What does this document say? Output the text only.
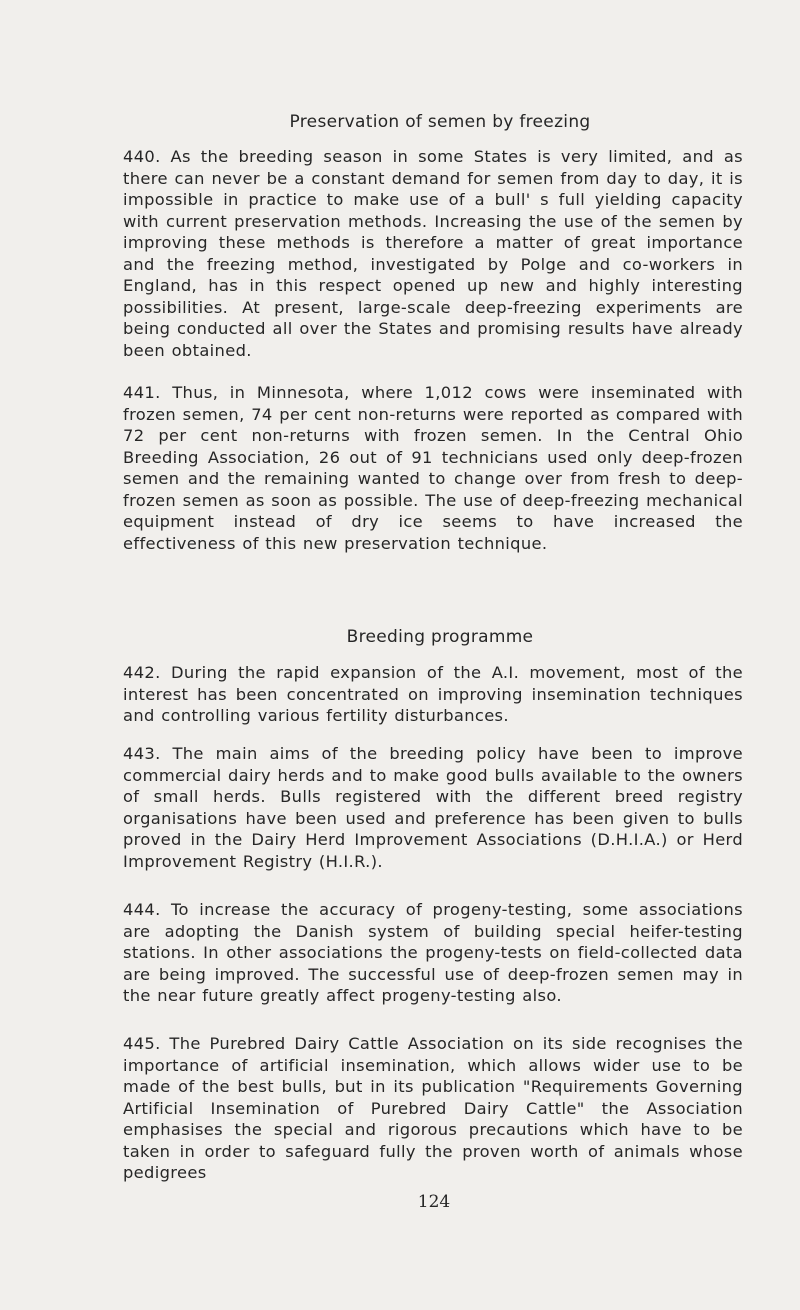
Preservation of semen by freezing

440. As the breeding season in some States is very limited, and as there can never be a constant demand for semen from day to day, it is impossible in practice to make use of a bull' s full yielding capacity with current preservation methods. Increasing the use of the semen by improving these methods is therefore a matter of great importance and the freezing method, investigated by Polge and co-workers in England, has in this respect opened up new and highly interesting possibilities. At present, large-scale deep-freezing experiments are being conducted all over the States and promising results have already been obtained.

441. Thus, in Minnesota, where 1,012 cows were inseminated with frozen semen, 74 per cent non-returns were reported as compared with 72 per cent non-returns with frozen semen. In the Central Ohio Breeding Association, 26 out of 91 technicians used only deep-frozen semen and the remaining wanted to change over from fresh to deep-frozen semen as soon as possible. The use of deep-freezing mechanical equipment instead of dry ice seems to have increased the effectiveness of this new preservation technique.

Breeding programme

442. During the rapid expansion of the A.I. movement, most of the interest has been concentrated on improving insemination techniques and controlling various fertility disturbances.

443. The main aims of the breeding policy have been to improve commercial dairy herds and to make good bulls available to the owners of small herds. Bulls registered with the different breed registry organisations have been used and preference has been given to bulls proved in the Dairy Herd Improvement Associations (D.H.I.A.) or Herd Improvement Registry (H.I.R.).

444. To increase the accuracy of progeny-testing, some associations are adopting the Danish system of building special heifer-testing stations. In other associations the progeny-tests on field-collected data are being improved. The successful use of deep-frozen semen may in the near future greatly affect progeny-testing also.

445. The Purebred Dairy Cattle Association on its side recognises the importance of artificial insemination, which allows wider use to be made of the best bulls, but in its publication "Requirements Governing Artificial Insemination of Purebred Dairy Cattle" the Association emphasises the special and rigorous precautions which have to be taken in order to safeguard fully the proven worth of animals whose pedigrees

124
